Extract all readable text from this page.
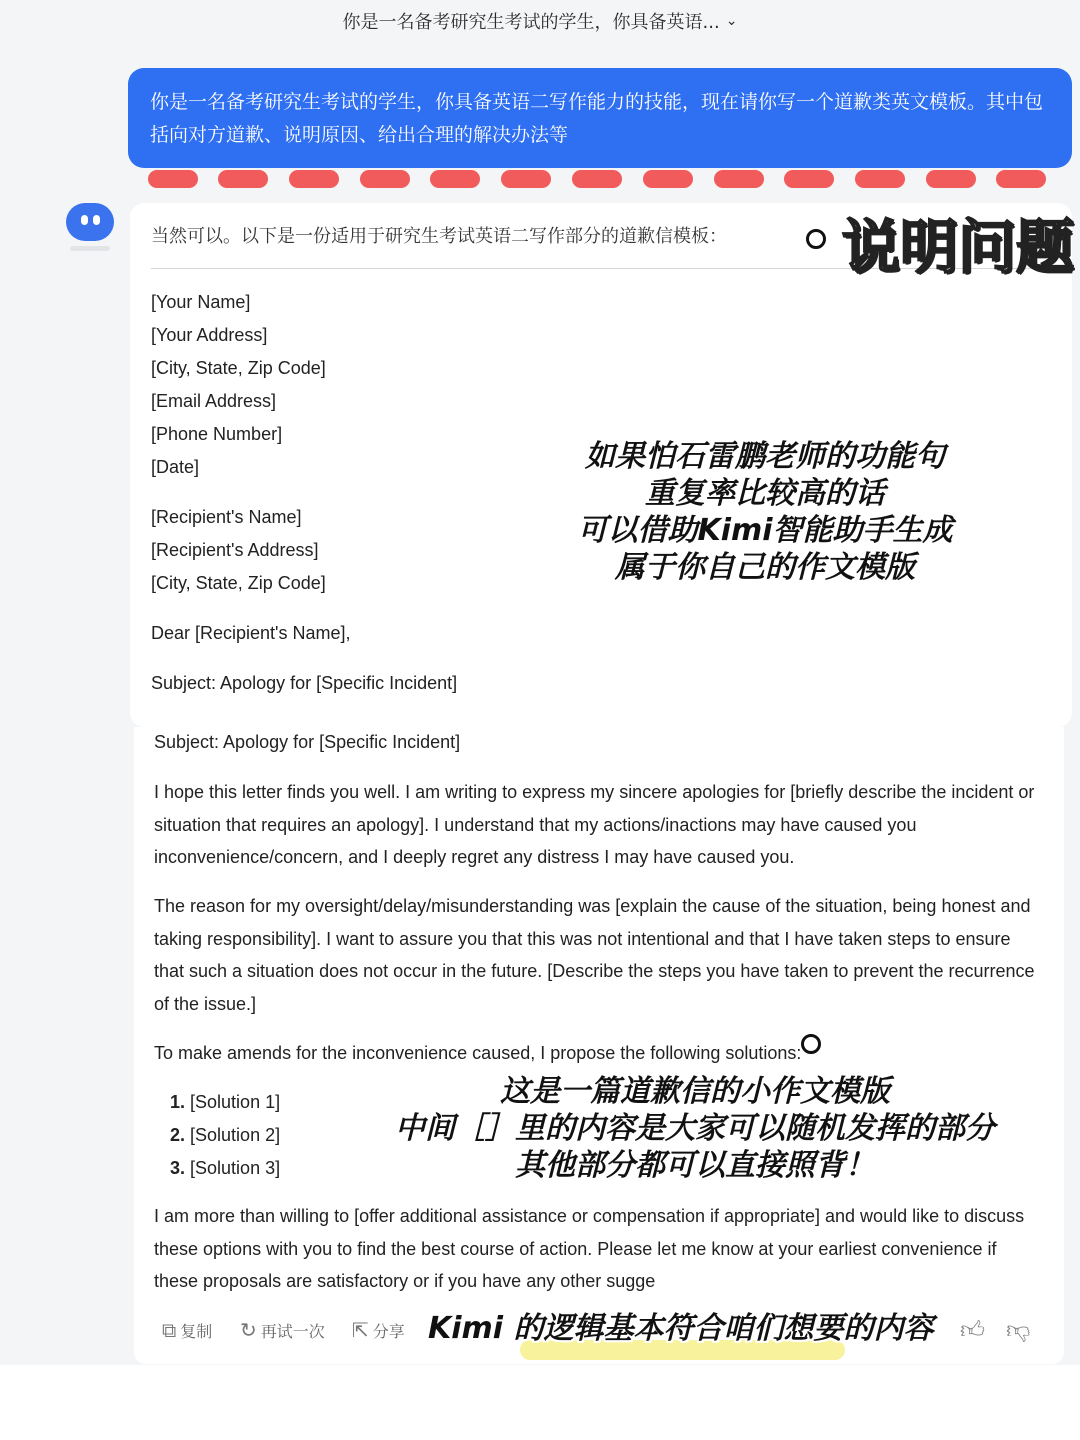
你是一名备考研究生考试的学生，你具备英语... ⌄
你是一名备考研究生考试的学生，你具备英语二写作能力的技能，现在请你写一个道歉类英文模板。其中包括向对方道歉、说明原因、给出合理的解决办法等
当然可以。以下是一份适用于研究生考试英语二写作部分的道歉信模板：
[Your Name]
[Your Address]
[City, State, Zip Code]
[Email Address]
[Phone Number]
[Date]
[Recipient's Name]
[Recipient's Address]
[City, State, Zip Code]
Dear [Recipient's Name],
Subject: Apology for [Specific Incident]
Subject: Apology for [Specific Incident]
I hope this letter finds you well. I am writing to express my sincere apologies for [briefly describe the incident or situation that requires an apology]. I understand that my actions/inactions may have caused you inconvenience/concern, and I deeply regret any distress I may have caused you.
The reason for my oversight/delay/misunderstanding was [explain the cause of the situation, being honest and taking responsibility]. I want to assure you that this was not intentional and that I have taken steps to ensure that such a situation does not occur in the future. [Describe the steps you have taken to prevent the recurrence of the issue.]
To make amends for the inconvenience caused, I propose the following solutions:
1. [Solution 1]
2. [Solution 2]
3. [Solution 3]
I am more than willing to [offer additional assistance or compensation if appropriate] and would like to discuss these options with you to find the best course of action. Please let me know at your earliest convenience if these proposals are satisfactory or if you have any other sugge
⧉ 复制 ↻ 再试一次 ⇱ 分享	👍︎ 👎︎
说明问题
如果怕石雷鹏老师的功能句
重复率比较高的话
可以借助Kimi智能助手生成
属于你自己的作文模版
这是一篇道歉信的小作文模版
中间［］里的内容是大家可以随机发挥的部分
其他部分都可以直接照背！
Kimi 的逻辑基本符合咱们想要的内容
